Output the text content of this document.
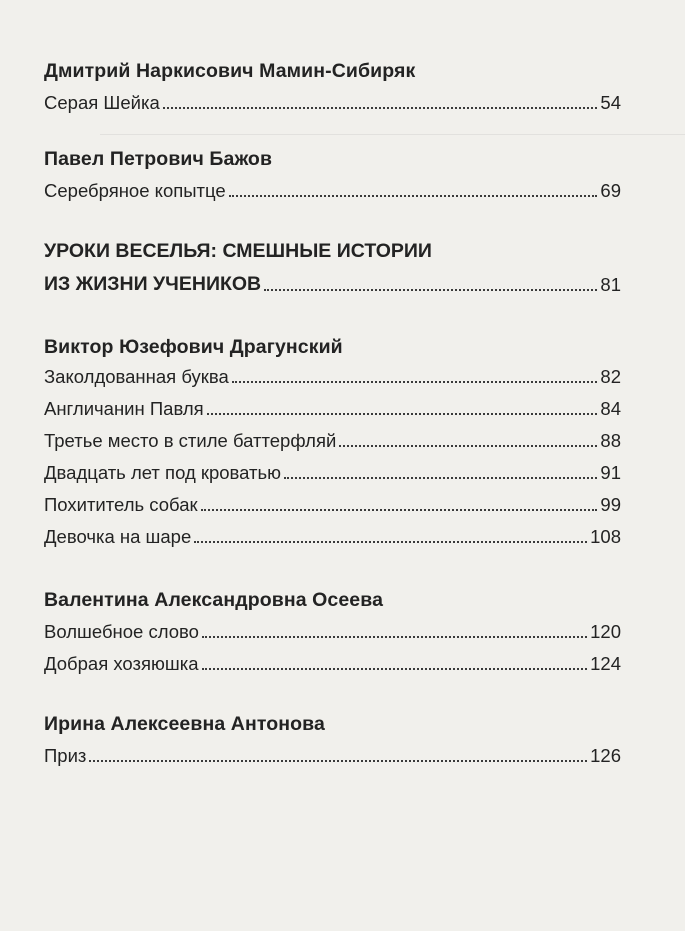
Дмитрий Наркисович Мамин-Сибиряк
Серая Шейка	54
Павел Петрович Бажов
Серебряное копытце	69
УРОКИ ВЕСЕЛЬЯ: СМЕШНЫЕ ИСТОРИИ
ИЗ ЖИЗНИ УЧЕНИКОВ	81
Виктор Юзефович Драгунский
Заколдованная буква	82
Англичанин Павля	84
Третье место в стиле баттерфляй	88
Двадцать лет под кроватью	91
Похититель собак	99
Девочка на шаре	108
Валентина Александровна Осеева
Волшебное слово	120
Добрая хозяюшка	124
Ирина Алексеевна Антонова
Приз	126
